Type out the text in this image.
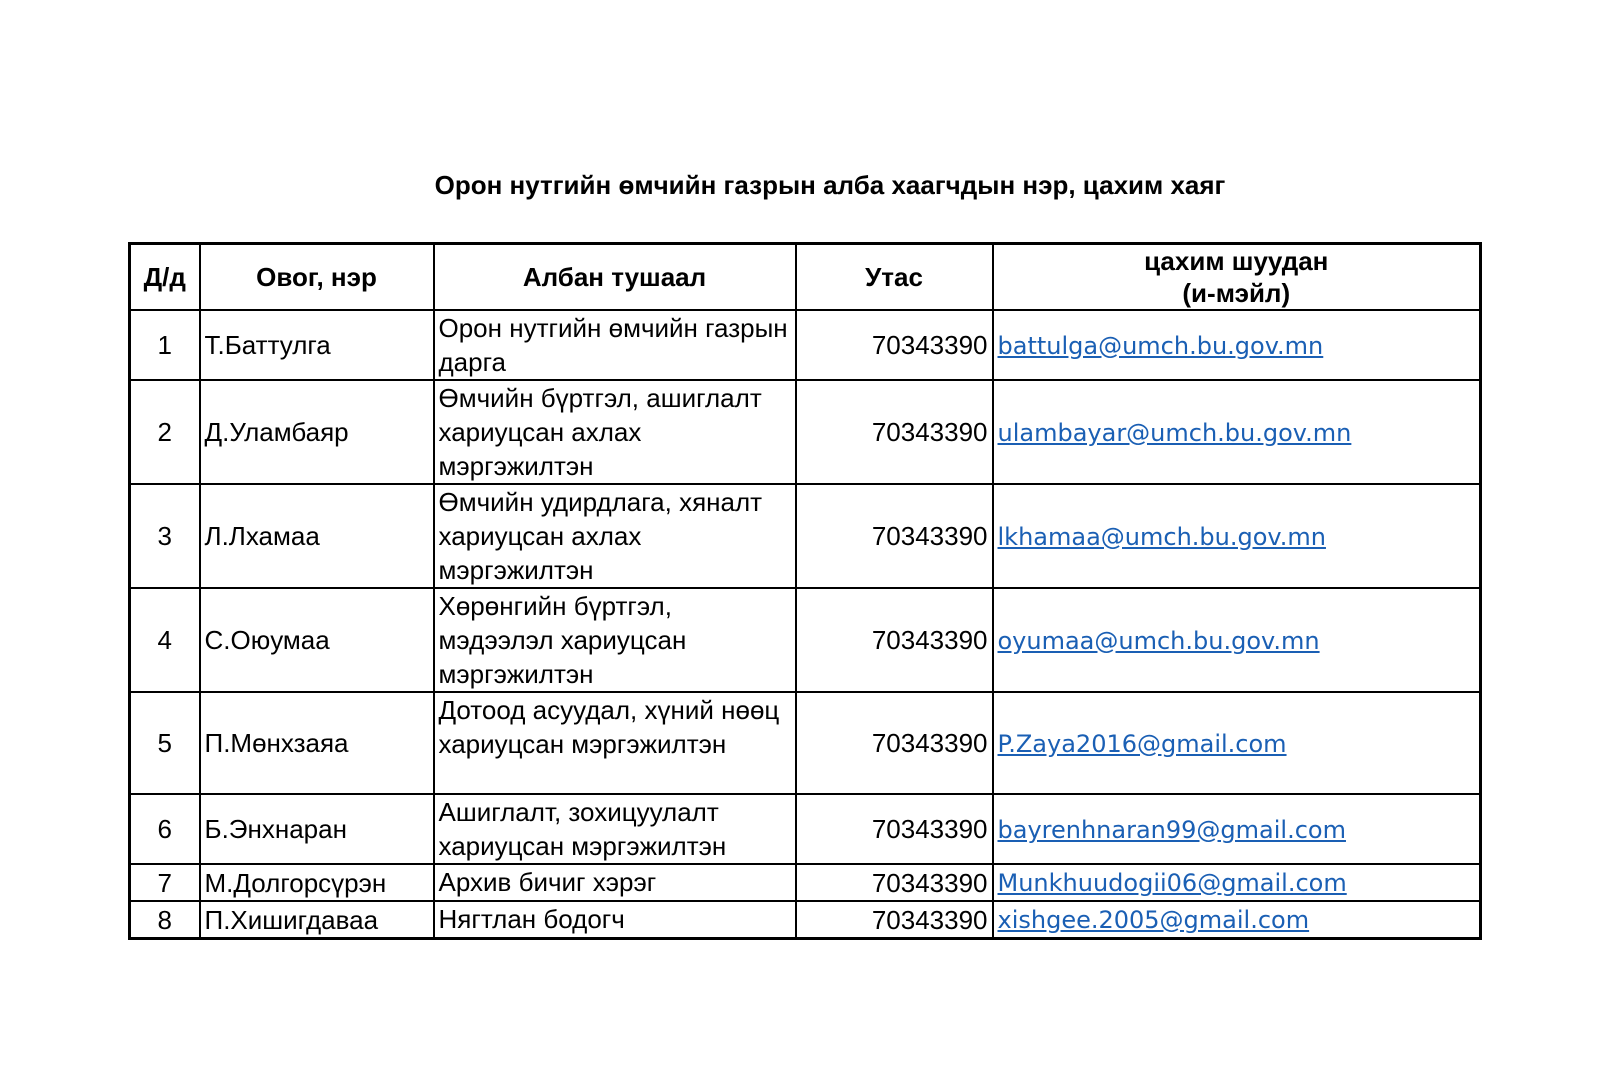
Орон нутгийн өмчийн газрын алба хаагчдын нэр, цахим хаяг
Д/д	Овог, нэр	Албан тушаал	Утас	цахим шуудан
(и-мэйл)
1	Т.Баттулга	Орон нутгийн өмчийн газрын дарга	70343390	battulga@umch.bu.gov.mn
2	Д.Уламбаяр	Өмчийн бүртгэл, ашиглалт хариуцсан ахлах мэргэжилтэн	70343390	ulambayar@umch.bu.gov.mn
3	Л.Лхамаа	Өмчийн удирдлага, хяналт хариуцсан ахлах мэргэжилтэн	70343390	lkhamaa@umch.bu.gov.mn
4	С.Оюумаа	Хөрөнгийн бүртгэл, мэдээлэл хариуцсан мэргэжилтэн	70343390	oyumaa@umch.bu.gov.mn
5	П.Мөнхзаяа	Дотоод асуудал, хүний нөөц хариуцсан мэргэжилтэн	70343390	P.Zaya2016@gmail.com
6	Б.Энхнаран	Ашиглалт, зохицуулалт хариуцсан мэргэжилтэн	70343390	bayrenhnaran99@gmail.com
7	М.Долгорсүрэн	Архив бичиг хэрэг	70343390	Munkhuudogii06@gmail.com
8	П.Хишигдаваа	Нягтлан бодогч	70343390	xishgee.2005@gmail.com
